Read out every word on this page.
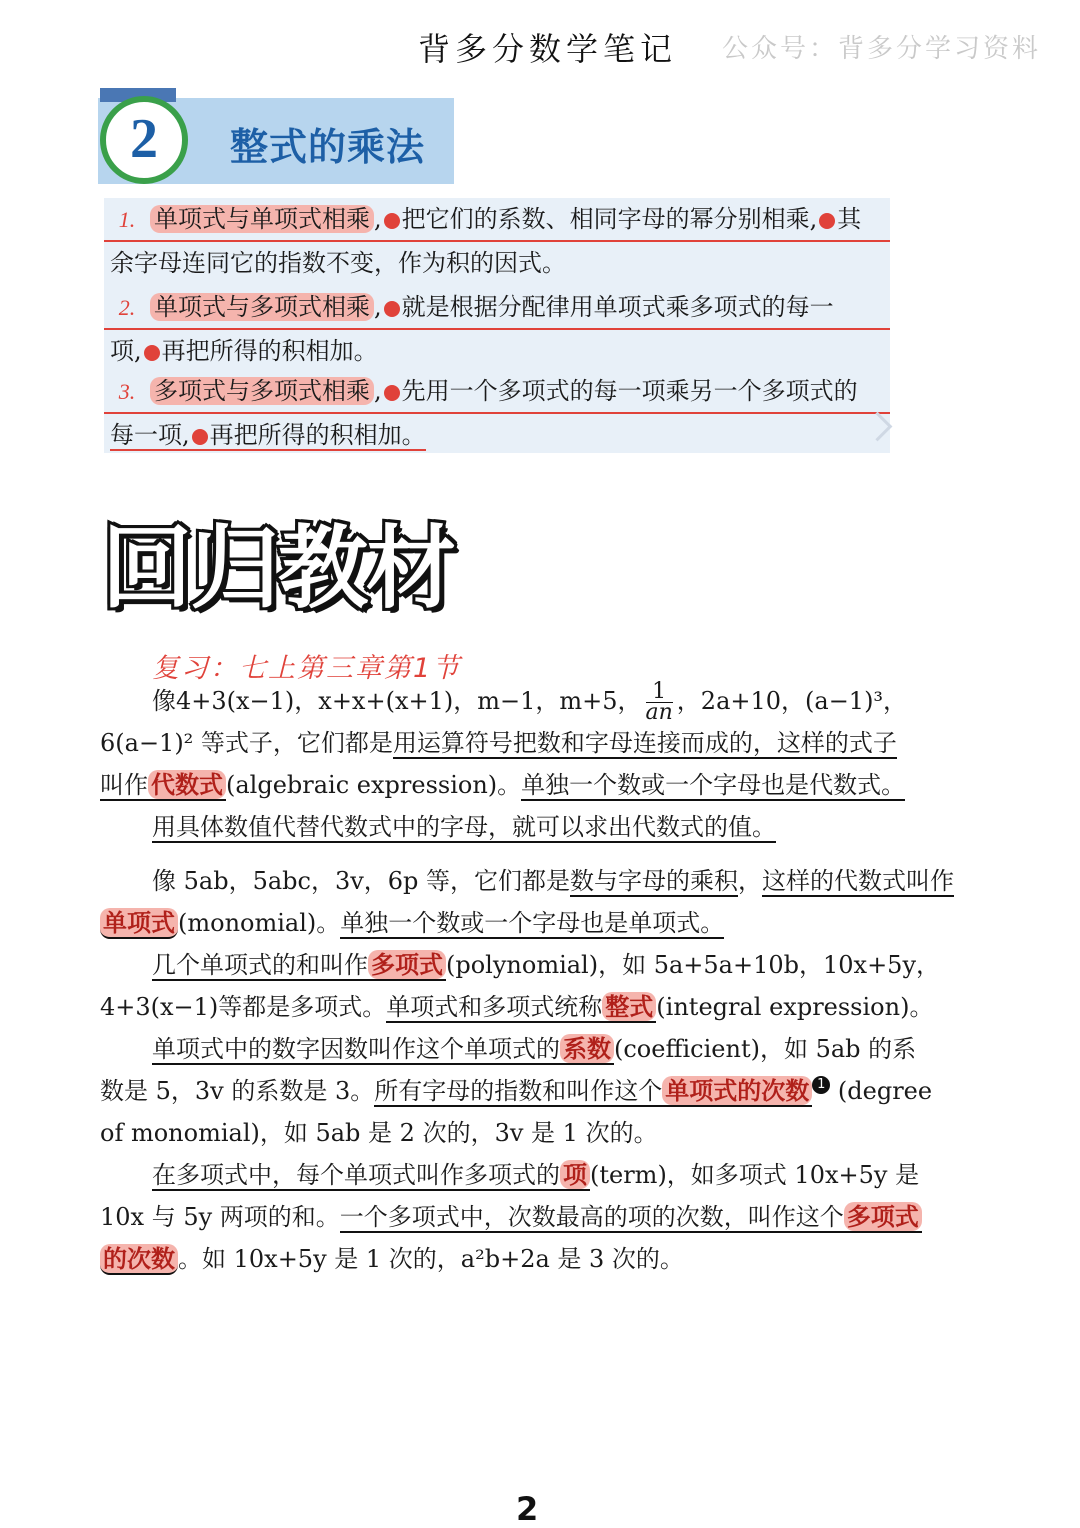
背多分数学笔记 公众号：背多分学习资料
2	整式的乘法
1. 单项式与单项式相乘 , 把它们的系数、相同字母的幂分别相乘, 其
余字母连同它的指数不变，作为积的因式。
2. 单项式与多项式相乘 , 就是根据分配律用单项式乘多项式的每一
项, 再把所得的积相加。
3. 多项式与多项式相乘 , 先用一个多项式的每一项乘另一个多项式的
每一项, 再把所得的积相加。
回归教材
复习：七上第三章第1节
像4+3(x−1)，x+x+(x+1)，m−1，m+5， $\frac{1}{an}$ ，2a+10，(a−1)³，
6(a−1)² 等式子，它们都是用运算符号把数和字母连接而成的，这样的式子
叫作 代数式 (algebraic expression)。单独一个数或一个字母也是代数式。
用具体数值代替代数式中的字母，就可以求出代数式的值。
像 5ab，5abc，3v，6p 等，它们都是数与字母的乘积，这样的代数式叫作
单项式 (monomial)。单独一个数或一个字母也是单项式。
几个单项式的和叫作 多项式 (polynomial)，如 5a+5a+10b，10x+5y，
4+3(x−1)等都是多项式。单项式和多项式统称 整式 (integral expression)。
单项式中的数字因数叫作这个单项式的 系数 (coefficient)，如 5ab 的系
数是 5，3v 的系数是 3。所有字母的指数和叫作这个 单项式的次数 1 (degree
of monomial)，如 5ab 是 2 次的，3v 是 1 次的。
在多项式中，每个单项式叫作多项式的 项 (term)，如多项式 10x+5y 是
10x 与 5y 两项的和。一个多项式中，次数最高的项的次数，叫作这个 多项式
的次数 。如 10x+5y 是 1 次的，a²b+2a 是 3 次的。
2
